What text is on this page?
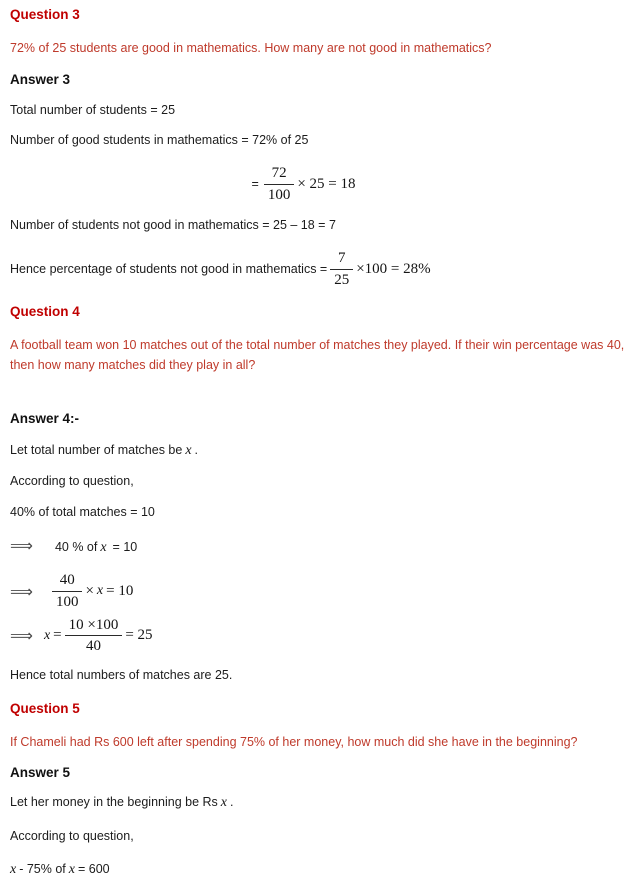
Question 3

72% of 25 students are good in mathematics. How many are not good in mathematics?

Answer 3

Total number of students = 25

Number of good students in mathematics = 72% of 25

= $\frac{72}{100} \times 25 = 18$

Number of students not good in mathematics = 25 – 18 = 7

Hence percentage of students not good in mathematics = $\frac{7}{25} \times 100 = 28\%$
Question 4

A football team won 10 matches out of the total number of matches they played. If their win percentage was 40, then how many matches did they play in all?

Answer 4:-

Let total number of matches be x .

According to question,

40% of total matches = 10

⟹ 40 % of x = 10

⟹ $\frac{40}{100} \times x = 10$
⟹ $x = \frac{10 \times 100}{40} = 25$

Hence total numbers of matches are 25.

Question 5

If Chameli had Rs 600 left after spending 75% of her money, how much did she have in the beginning?

Answer 5

Let her money in the beginning be Rs x .

According to question,

x - 75% of x = 600
